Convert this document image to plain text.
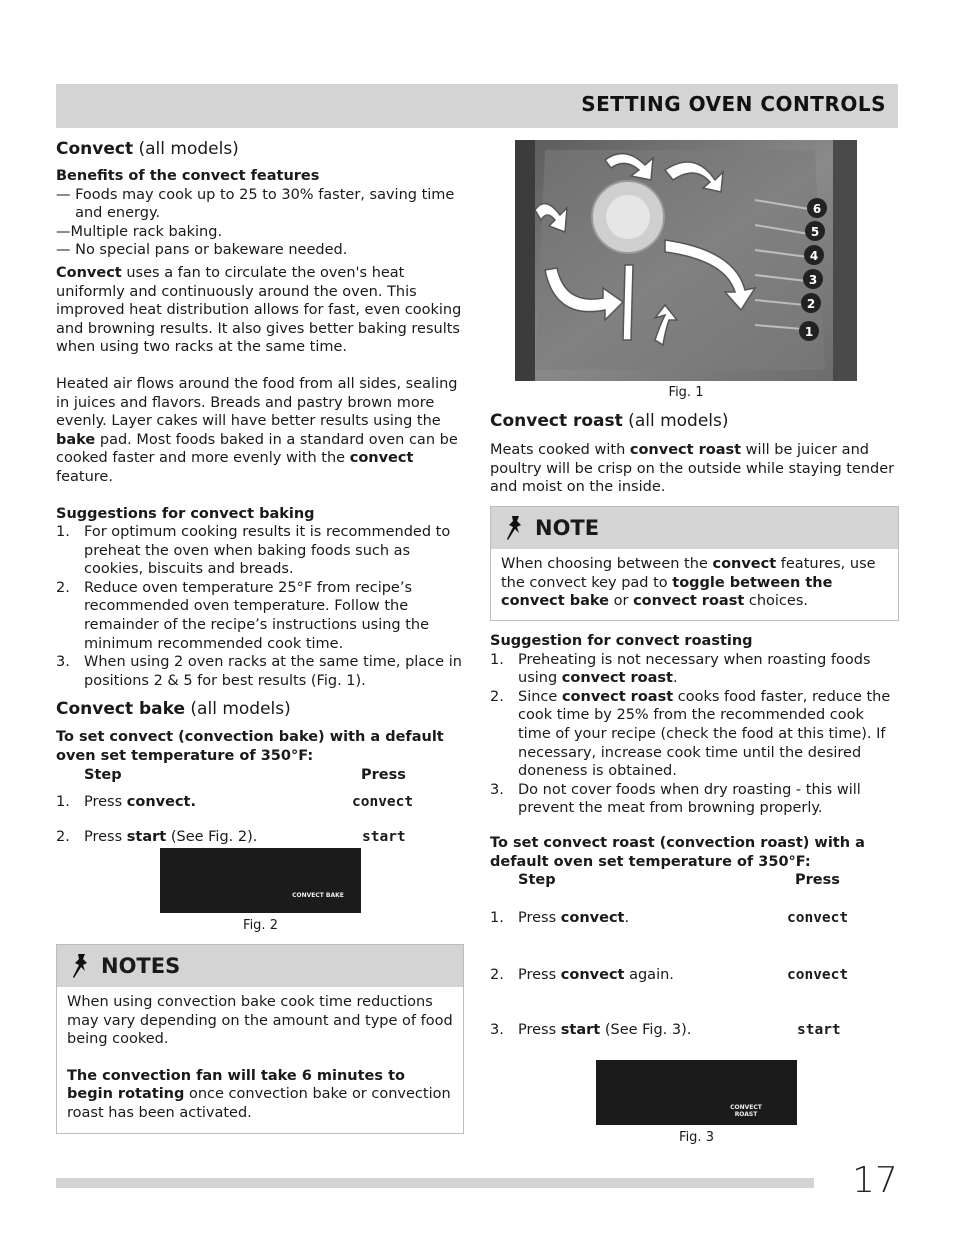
SETTING OVEN CONTROLS
Convect (all models)
Benefits of the convect features
— Foods may cook up to 25 to 30% faster, saving time and energy.
— Multiple rack baking.
— No special pans or bakeware needed.

Convect uses a fan to circulate the oven's heat uniformly and continuously around the oven. This improved heat distribution allows for fast, even cooking and browning results. It also gives better baking results when using two racks at the same time.

Heated air flows around the food from all sides, sealing in juices and flavors. Breads and pastry brown more evenly. Layer cakes will have better results using the bake pad. Most foods baked in a standard oven can be cooked faster and more evenly with the convect feature.

Suggestions for convect baking
1. For optimum cooking results it is recommended to preheat the oven when baking foods such as cookies, biscuits and breads.
2. Reduce oven temperature 25°F from recipe’s recommended oven temperature. Follow the remainder of the recipe’s instructions using the minimum recommended cook time.
3. When using 2 oven racks at the same time, place in positions 2 & 5 for best results (Fig. 1).
Convect bake (all models)
To set convect (convection bake) with a default oven set temperature of 350°F:
Step	Press
1. Press convect.	convect
2. Press start (See Fig. 2).	start
CONVECT BAKE
Fig. 2
NOTES

When using convection bake cook time reductions may vary depending on the amount and type of food being cooked.

The convection fan will take 6 minutes to begin rotating once convection bake or convection roast has been activated.

6
5
4
3
2
1
Fig. 1
Convect roast (all models)

Meats cooked with convect roast will be juicer and poultry will be crisp on the outside while staying tender and moist on the inside.

NOTE

When choosing between the convect features, use the convect key pad to toggle between the convect bake or convect roast choices.

Suggestion for convect roasting
1. Preheating is not necessary when roasting foods using convect roast.
2. Since convect roast cooks food faster, reduce the cook time by 25% from the recommended cook time of your recipe (check the food at this time). If necessary, increase cook time until the desired doneness is obtained.
3. Do not cover foods when dry roasting - this will prevent the meat from browning properly.
To set convect roast (convection roast) with a default oven set temperature of 350°F:
Step	Press
1. Press convect.	convect
2. Press convect again.	convect
3. Press start (See Fig. 3).	start
CONVECT
ROAST
Fig. 3
17
